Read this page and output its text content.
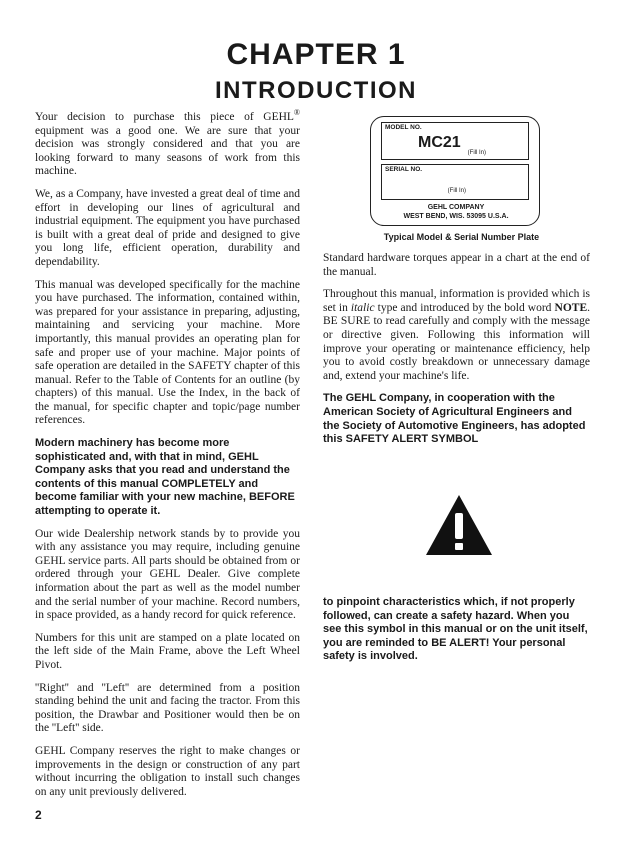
CHAPTER 1
INTRODUCTION

Your decision to purchase this piece of GEHL® equipment was a good one. We are sure that your decision was strongly considered and that you are looking forward to many seasons of work from this machine.

We, as a Company, have invested a great deal of time and effort in developing our lines of agricultural and industrial equipment. The equipment you have purchased is built with a great deal of pride and designed to give you long life, efficient operation, durability and dependability.

This manual was developed specifically for the machine you have purchased. The information, contained within, was prepared for your assistance in preparing, adjusting, maintaining and servicing your machine. More importantly, this manual provides an operating plan for safe and proper use of your machine. Major points of safe operation are detailed in the SAFETY chapter of this manual. Refer to the Table of Contents for an outline (by chapters) of this manual. Use the Index, in the back of the manual, for specific chapter and topic/page number references.

Modern machinery has become more sophisticated and, with that in mind, GEHL Company asks that you read and understand the contents of this manual COMPLETELY and become familiar with your new machine, BEFORE attempting to operate it.

Our wide Dealership network stands by to provide you with any assistance you may require, including genuine GEHL service parts. All parts should be obtained from or ordered through your GEHL Dealer. Give complete information about the part as well as the model number and the serial number of your machine. Record numbers, in space provided, as a handy record for quick reference.

Numbers for this unit are stamped on a plate located on the left side of the Main Frame, above the Left Wheel Pivot.

''Right'' and ''Left'' are determined from a position standing behind the unit and facing the tractor. From this position, the Drawbar and Positioner would then be on the ''Left'' side.

GEHL Company reserves the right to make changes or improvements in the design or construction of any part without incurring the obligation to install such changes on any unit previously delivered.

MODEL NO.
MC21
(Fill In)
SERIAL NO.
(Fill In)
GEHL COMPANY
WEST BEND, WIS. 53095 U.S.A.
Typical Model & Serial Number Plate

Standard hardware torques appear in a chart at the end of the manual.

Throughout this manual, information is provided which is set in italic type and introduced by the bold word NOTE. BE SURE to read carefully and comply with the message or directive given. Following this information will improve your operating or maintenance efficiency, help you to avoid costly breakdown or unnecessary damage and, extend your machine's life.

The GEHL Company, in cooperation with the American Society of Agricultural Engineers and the Society of Automotive Engineers, has adopted this SAFETY ALERT SYMBOL

to pinpoint characteristics which, if not properly followed, can create a safety hazard. When you see this symbol in this manual or on the unit itself, you are reminded to BE ALERT! Your personal safety is involved.

2
